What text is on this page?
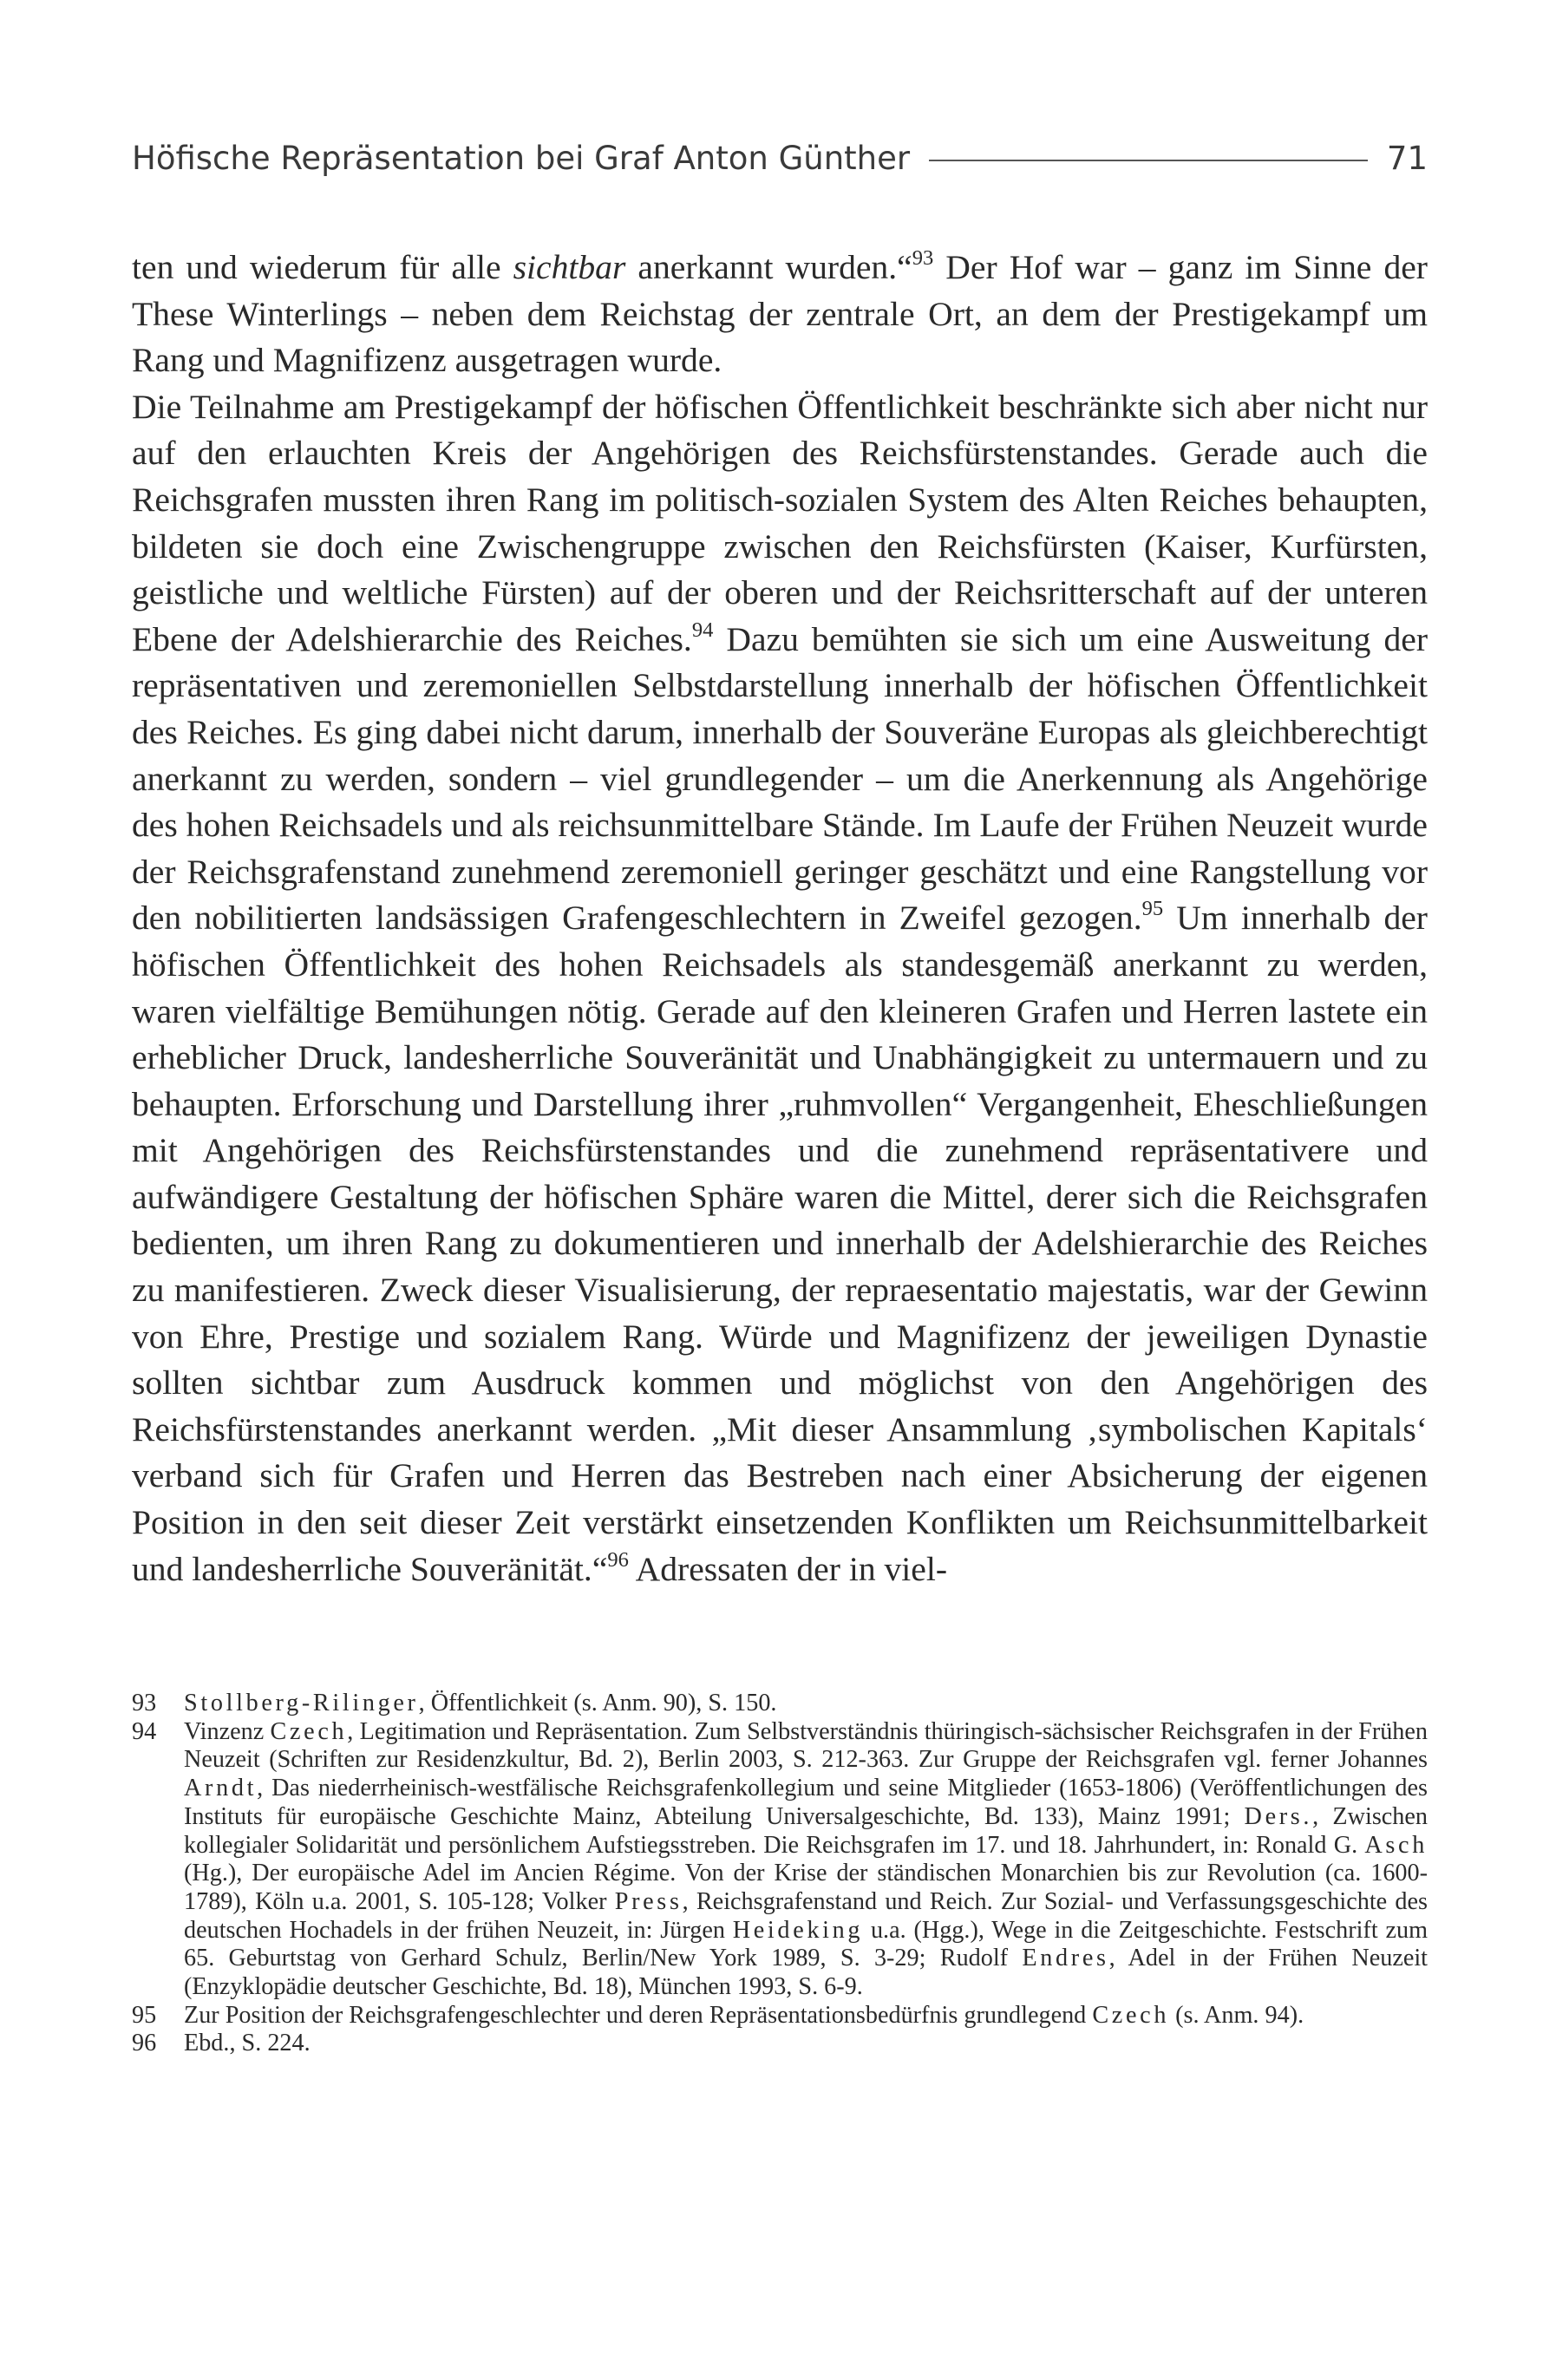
Höfische Repräsentation bei Graf Anton Günther	71

ten und wiederum für alle sichtbar anerkannt wurden.“$^{93}$ Der Hof war – ganz im Sinne der These Winterlings – neben dem Reichstag der zentrale Ort, an dem der Prestigekampf um Rang und Magnifizenz ausgetragen wurde.

Die Teilnahme am Prestigekampf der höfischen Öffentlichkeit beschränkte sich aber nicht nur auf den erlauchten Kreis der Angehörigen des Reichsfürstenstandes. Gerade auch die Reichsgrafen mussten ihren Rang im politisch-sozialen System des Alten Reiches behaupten, bildeten sie doch eine Zwischengruppe zwischen den Reichsfürsten (Kaiser, Kurfürsten, geistliche und weltliche Fürsten) auf der oberen und der Reichsritterschaft auf der unteren Ebene der Adelshierarchie des Reiches.$^{94}$ Dazu bemühten sie sich um eine Ausweitung der repräsentativen und zeremoniellen Selbstdarstellung innerhalb der höfischen Öffentlichkeit des Reiches. Es ging dabei nicht darum, innerhalb der Souveräne Europas als gleichberechtigt anerkannt zu werden, sondern – viel grundlegender – um die Anerkennung als Angehörige des hohen Reichsadels und als reichsunmittelbare Stände. Im Laufe der Frühen Neuzeit wurde der Reichsgrafenstand zunehmend zeremoniell geringer geschätzt und eine Rangstellung vor den nobilitierten landsässigen Grafengeschlechtern in Zweifel gezogen.$^{95}$ Um innerhalb der höfischen Öffentlichkeit des hohen Reichsadels als standesgemäß anerkannt zu werden, waren vielfältige Bemühungen nötig. Gerade auf den kleineren Grafen und Herren lastete ein erheblicher Druck, landesherrliche Souveränität und Unabhängigkeit zu untermauern und zu behaupten. Erforschung und Darstellung ihrer „ruhmvollen“ Vergangenheit, Eheschließungen mit Angehörigen des Reichsfürstenstandes und die zunehmend repräsentativere und aufwändigere Gestaltung der höfischen Sphäre waren die Mittel, derer sich die Reichsgrafen bedienten, um ihren Rang zu dokumentieren und innerhalb der Adelshierarchie des Reiches zu manifestieren. Zweck dieser Visualisierung, der repraesentatio majestatis, war der Gewinn von Ehre, Prestige und sozialem Rang. Würde und Magnifizenz der jeweiligen Dynastie sollten sichtbar zum Ausdruck kommen und möglichst von den Angehörigen des Reichsfürstenstandes anerkannt werden. „Mit dieser Ansammlung ‚symbolischen Kapitals‘ verband sich für Grafen und Herren das Bestreben nach einer Absicherung der eigenen Position in den seit dieser Zeit verstärkt einsetzenden Konflikten um Reichsunmittelbarkeit und landesherrliche Souveränität.“$^{96}$ Adressaten der in viel-

93	Stollberg-Rilinger, Öffentlichkeit (s. Anm. 90), S. 150.
94	Vinzenz Czech, Legitimation und Repräsentation. Zum Selbstverständnis thüringisch-sächsischer Reichsgrafen in der Frühen Neuzeit (Schriften zur Residenzkultur, Bd. 2), Berlin 2003, S. 212-363. Zur Gruppe der Reichsgrafen vgl. ferner Johannes Arndt, Das niederrheinisch-westfälische Reichsgrafenkollegium und seine Mitglieder (1653-1806) (Veröffentlichungen des Instituts für europäische Geschichte Mainz, Abteilung Universalgeschichte, Bd. 133), Mainz 1991; Ders., Zwischen kollegialer Solidarität und persönlichem Aufstiegsstreben. Die Reichsgrafen im 17. und 18. Jahrhundert, in: Ronald G. Asch (Hg.), Der europäische Adel im Ancien Régime. Von der Krise der ständischen Monarchien bis zur Revolution (ca. 1600-1789), Köln u.a. 2001, S. 105-128; Volker Press, Reichsgrafenstand und Reich. Zur Sozial- und Verfassungsgeschichte des deutschen Hochadels in der frühen Neuzeit, in: Jürgen Heideking u.a. (Hgg.), Wege in die Zeitgeschichte. Festschrift zum 65. Geburtstag von Gerhard Schulz, Berlin/New York 1989, S. 3-29; Rudolf Endres, Adel in der Frühen Neuzeit (Enzyklopädie deutscher Geschichte, Bd. 18), München 1993, S. 6-9.
95	Zur Position der Reichsgrafengeschlechter und deren Repräsentationsbedürfnis grundlegend Czech (s. Anm. 94).
96	Ebd., S. 224.
